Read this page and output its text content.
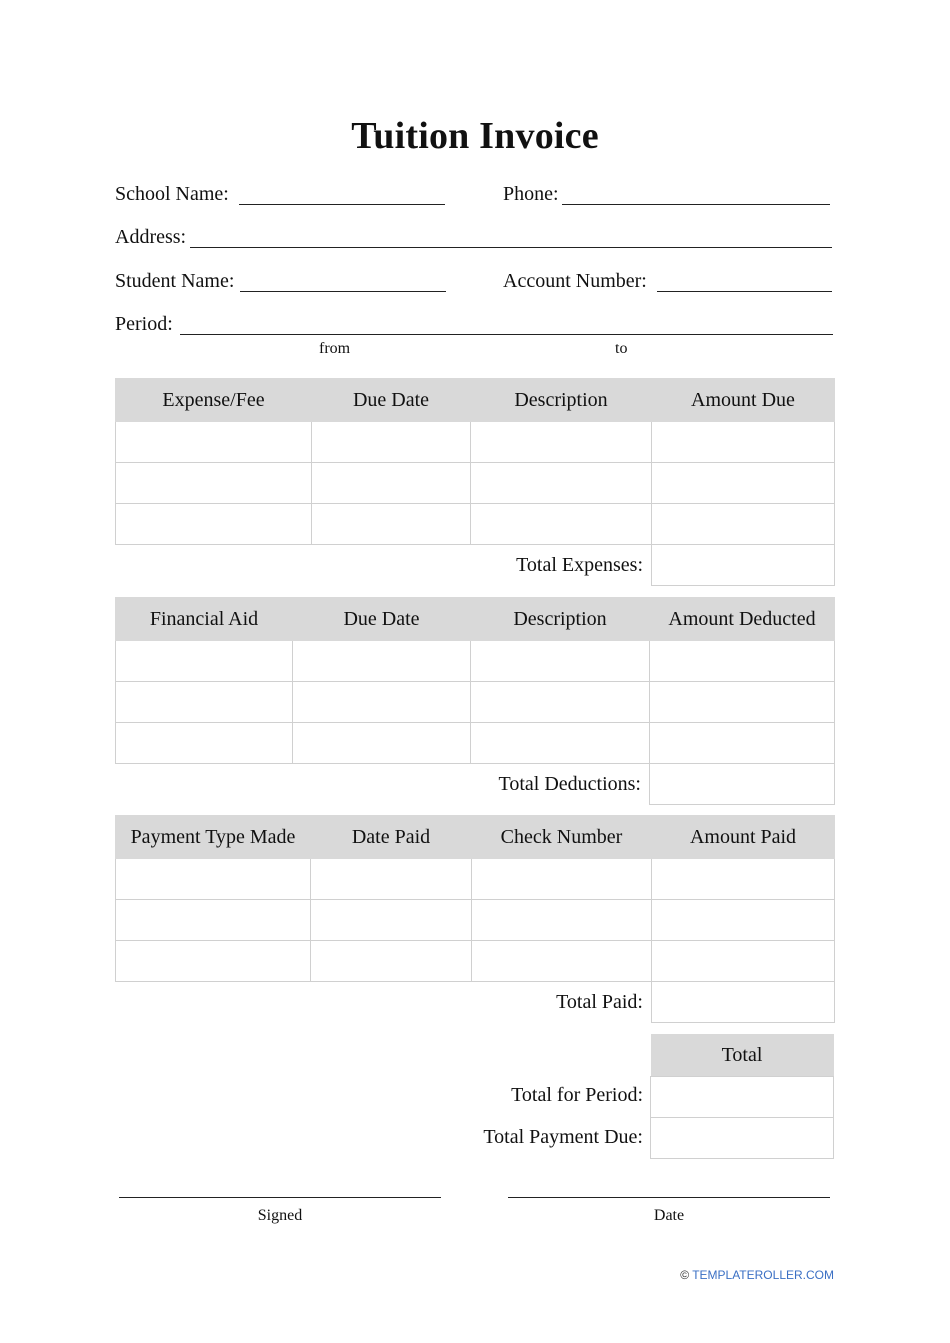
Tuition Invoice
School Name:	Phone:
Address:
Student Name:	Account Number:
Period:
from	to
Expense/Fee	Due Date	Description	Amount Due

Total Expenses:			
Financial Aid	Due Date	Description	Amount Deducted

Total Deductions:			
Payment Type Made	Date Paid	Check Number	Amount Paid

Total Paid:			
Total

Total for Period:
Total Payment Due:
Signed	Date
© TEMPLATEROLLER.COM
